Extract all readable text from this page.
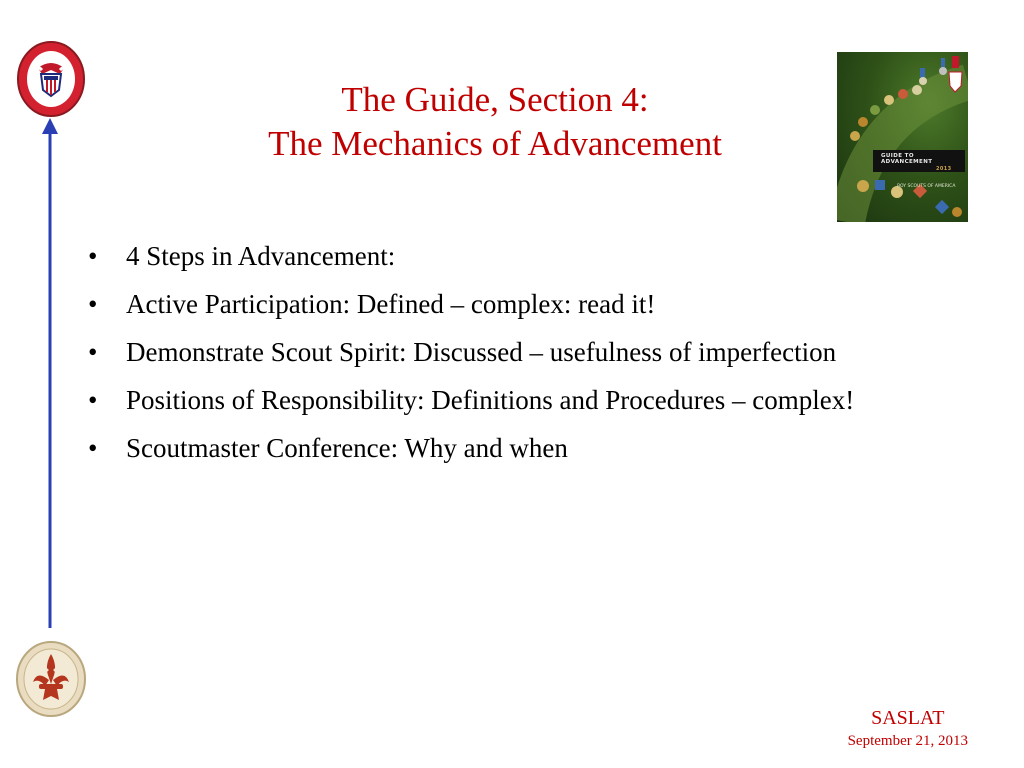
The Guide, Section 4:
The Mechanics of Advancement	GUIDE TO ADVANCEMENT
2013
BOY SCOUTS OF AMERICA
•	4 Steps in Advancement:
•	Active Participation: Defined – complex: read it!
•	Demonstrate Scout Spirit: Discussed – usefulness of imperfection
•	Positions of Responsibility: Definitions and Procedures – complex!
•	Scoutmaster Conference: Why and when
SASLAT
September 21, 2013
